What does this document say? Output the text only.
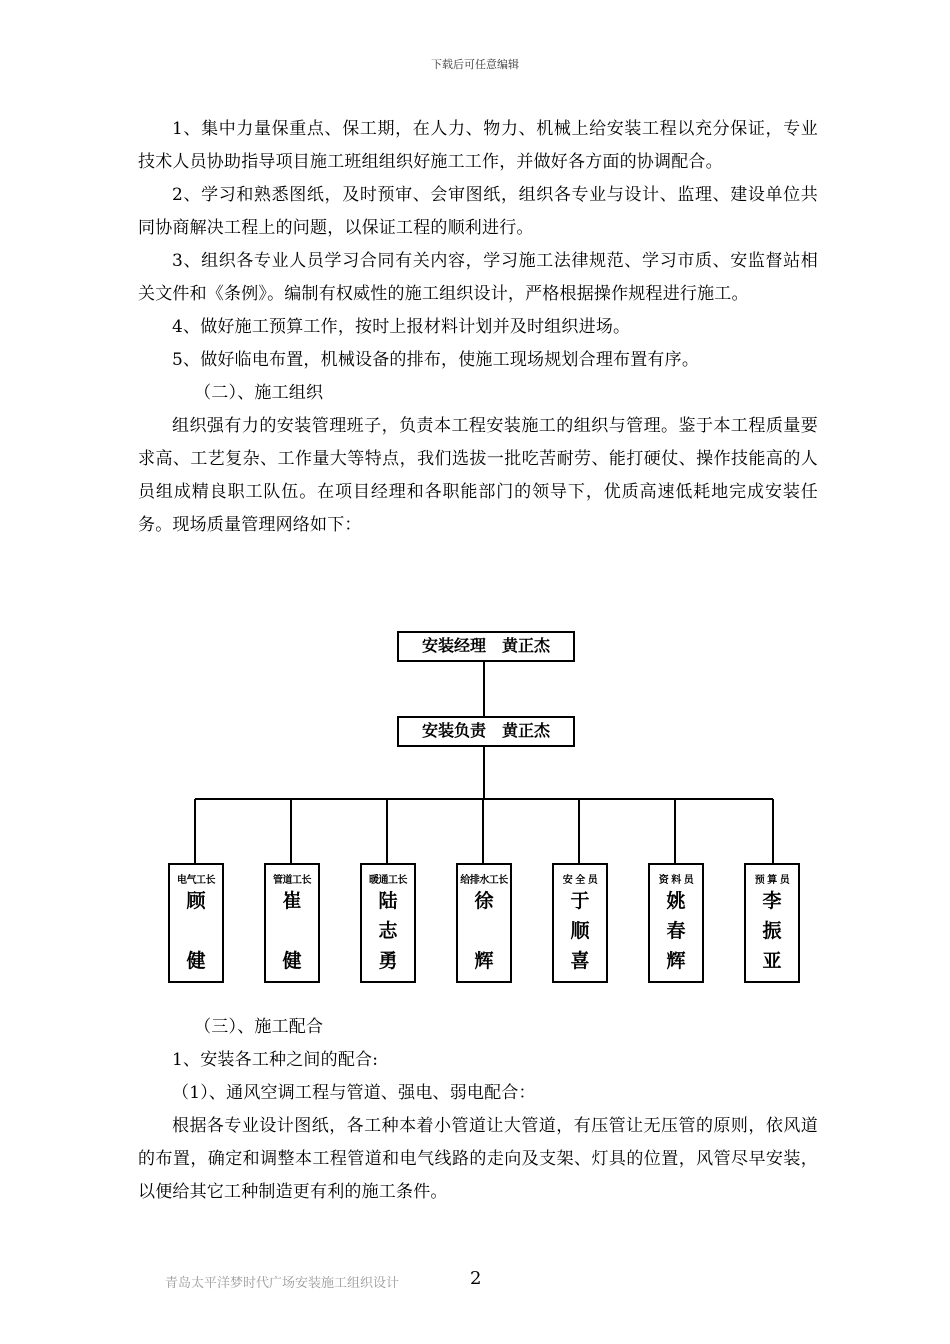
下载后可任意编辑

1、集中力量保重点、保工期，在人力、物力、机械上给安装工程以充分保证，专业技术人员协助指导项目施工班组组织好施工工作，并做好各方面的协调配合。

2、学习和熟悉图纸，及时预审、会审图纸，组织各专业与设计、监理、建设单位共同协商解决工程上的问题，以保证工程的顺利进行。

3、组织各专业人员学习合同有关内容，学习施工法律规范、学习市质、安监督站相关文件和《条例》。编制有权威性的施工组织设计，严格根据操作规程进行施工。

4、做好施工预算工作，按时上报材料计划并及时组织进场。

5、做好临电布置，机械设备的排布，使施工现场规划合理布置有序。

（二）、施工组织

组织强有力的安装管理班子，负责本工程安装施工的组织与管理。鉴于本工程质量要求高、工艺复杂、工作量大等特点，我们选拔一批吃苦耐劳、能打硬仗、操作技能高的人员组成精良职工队伍。在项目经理和各职能部门的领导下，优质高速低耗地完成安装任务。现场质量管理网络如下：

安装经理　黄正杰
安装负责　黄正杰
电气工长
顾

健
管道工长
崔

健
暖通工长
陆
志
勇
给排水工长
徐

辉
安 全 员
于
顺
喜
资 料 员
姚
春
辉
预 算 员
李
振
亚

（三）、施工配合

1、安装各工种之间的配合:

（1）、通风空调工程与管道、强电、弱电配合：

根据各专业设计图纸，各工种本着小管道让大管道，有压管让无压管的原则，依风道的布置，确定和调整本工程管道和电气线路的走向及支架、灯具的位置，风管尽早安装，以便给其它工种制造更有利的施工条件。

青岛太平洋梦时代广场安装施工组织设计	2
